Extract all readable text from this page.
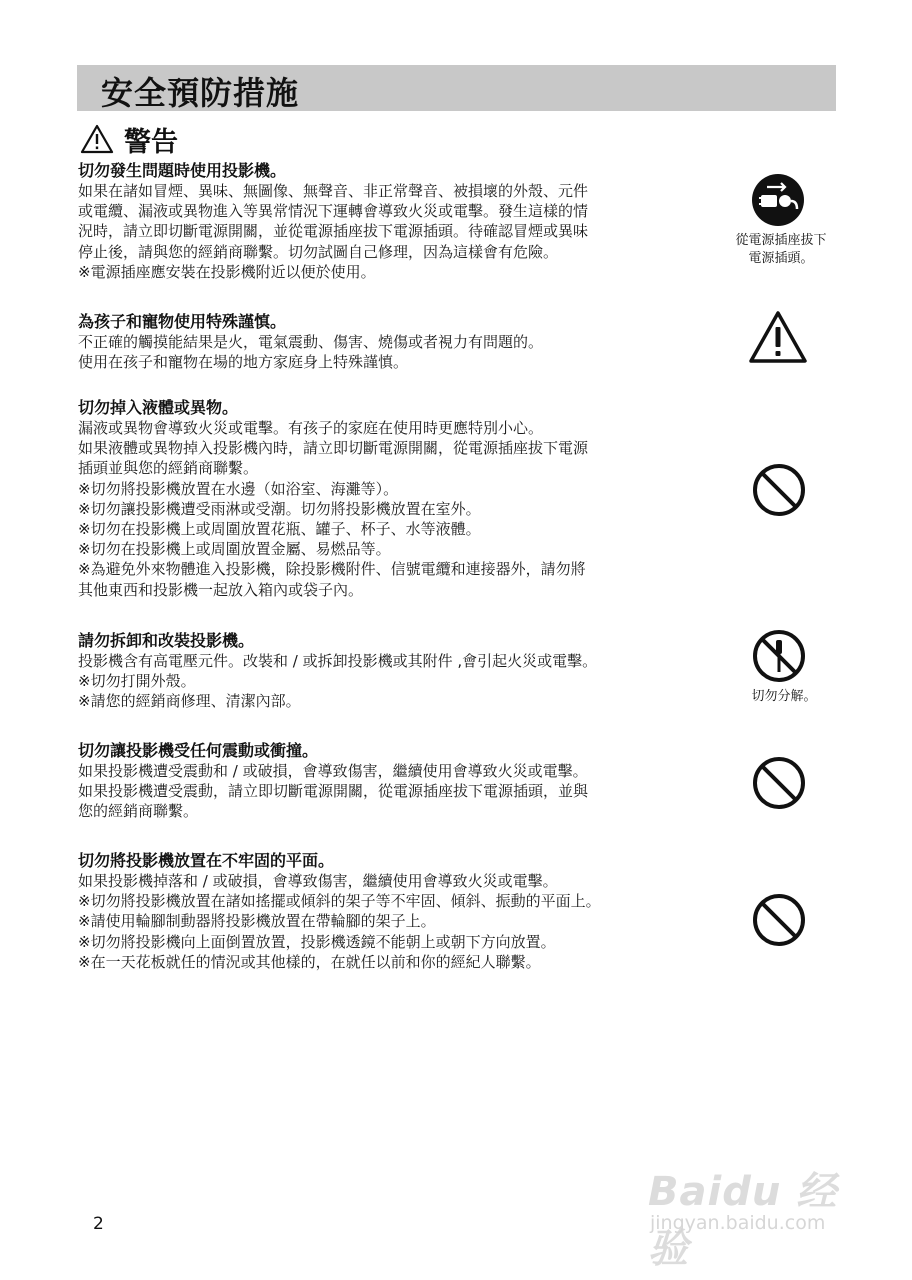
安全預防措施
警告
切勿發生問題時使用投影機。

如果在諸如冒煙、異味、無圖像、無聲音、非正常聲音、被損壞的外殼、元件

或電纜、漏液或異物進入等異常情況下運轉會導致火災或電擊。發生這樣的情

況時，請立即切斷電源開關，並從電源插座拔下電源插頭。待確認冒煙或異味

停止後，請與您的經銷商聯繫。切勿試圖自己修理，因為這樣會有危險。

※電源插座應安裝在投影機附近以便於使用。

從電源插座拔下
電源插頭。
為孩子和寵物使用特殊謹慎。

不正確的觸摸能結果是火，電氣震動、傷害、燒傷或者視力有問題的。

使用在孩子和寵物在場的地方家庭身上特殊謹慎。

切勿掉入液體或異物。

漏液或異物會導致火災或電擊。有孩子的家庭在使用時更應特別小心。

如果液體或異物掉入投影機內時，請立即切斷電源開關，從電源插座拔下電源

插頭並與您的經銷商聯繫。

※切勿將投影機放置在水邊（如浴室、海灘等）。

※切勿讓投影機遭受雨淋或受潮。切勿將投影機放置在室外。

※切勿在投影機上或周圍放置花瓶、罐子、杯子、水等液體。

※切勿在投影機上或周圍放置金屬、易燃品等。

※為避免外來物體進入投影機，除投影機附件、信號電纜和連接器外，請勿將

其他東西和投影機一起放入箱內或袋子內。

請勿拆卸和改裝投影機。

投影機含有高電壓元件。改裝和 / 或拆卸投影機或其附件 ,會引起火災或電擊。

※切勿打開外殼。

※請您的經銷商修理、清潔內部。	切勿分解。
切勿讓投影機受任何震動或衝撞。

如果投影機遭受震動和 / 或破損，會導致傷害，繼續使用會導致火災或電擊。

如果投影機遭受震動，請立即切斷電源開關，從電源插座拔下電源插頭，並與

您的經銷商聯繫。

切勿將投影機放置在不牢固的平面。

如果投影機掉落和 / 或破損，會導致傷害，繼續使用會導致火災或電擊。

※切勿將投影機放置在諸如搖擺或傾斜的架子等不牢固、傾斜、振動的平面上。

※請使用輪腳制動器將投影機放置在帶輪腳的架子上。

※切勿將投影機向上面倒置放置，投影機透鏡不能朝上或朝下方向放置。

※在一天花板就任的情況或其他樣的，在就任以前和你的經紀人聯繫。

2
Baidu 经验
jingyan.baidu.com
